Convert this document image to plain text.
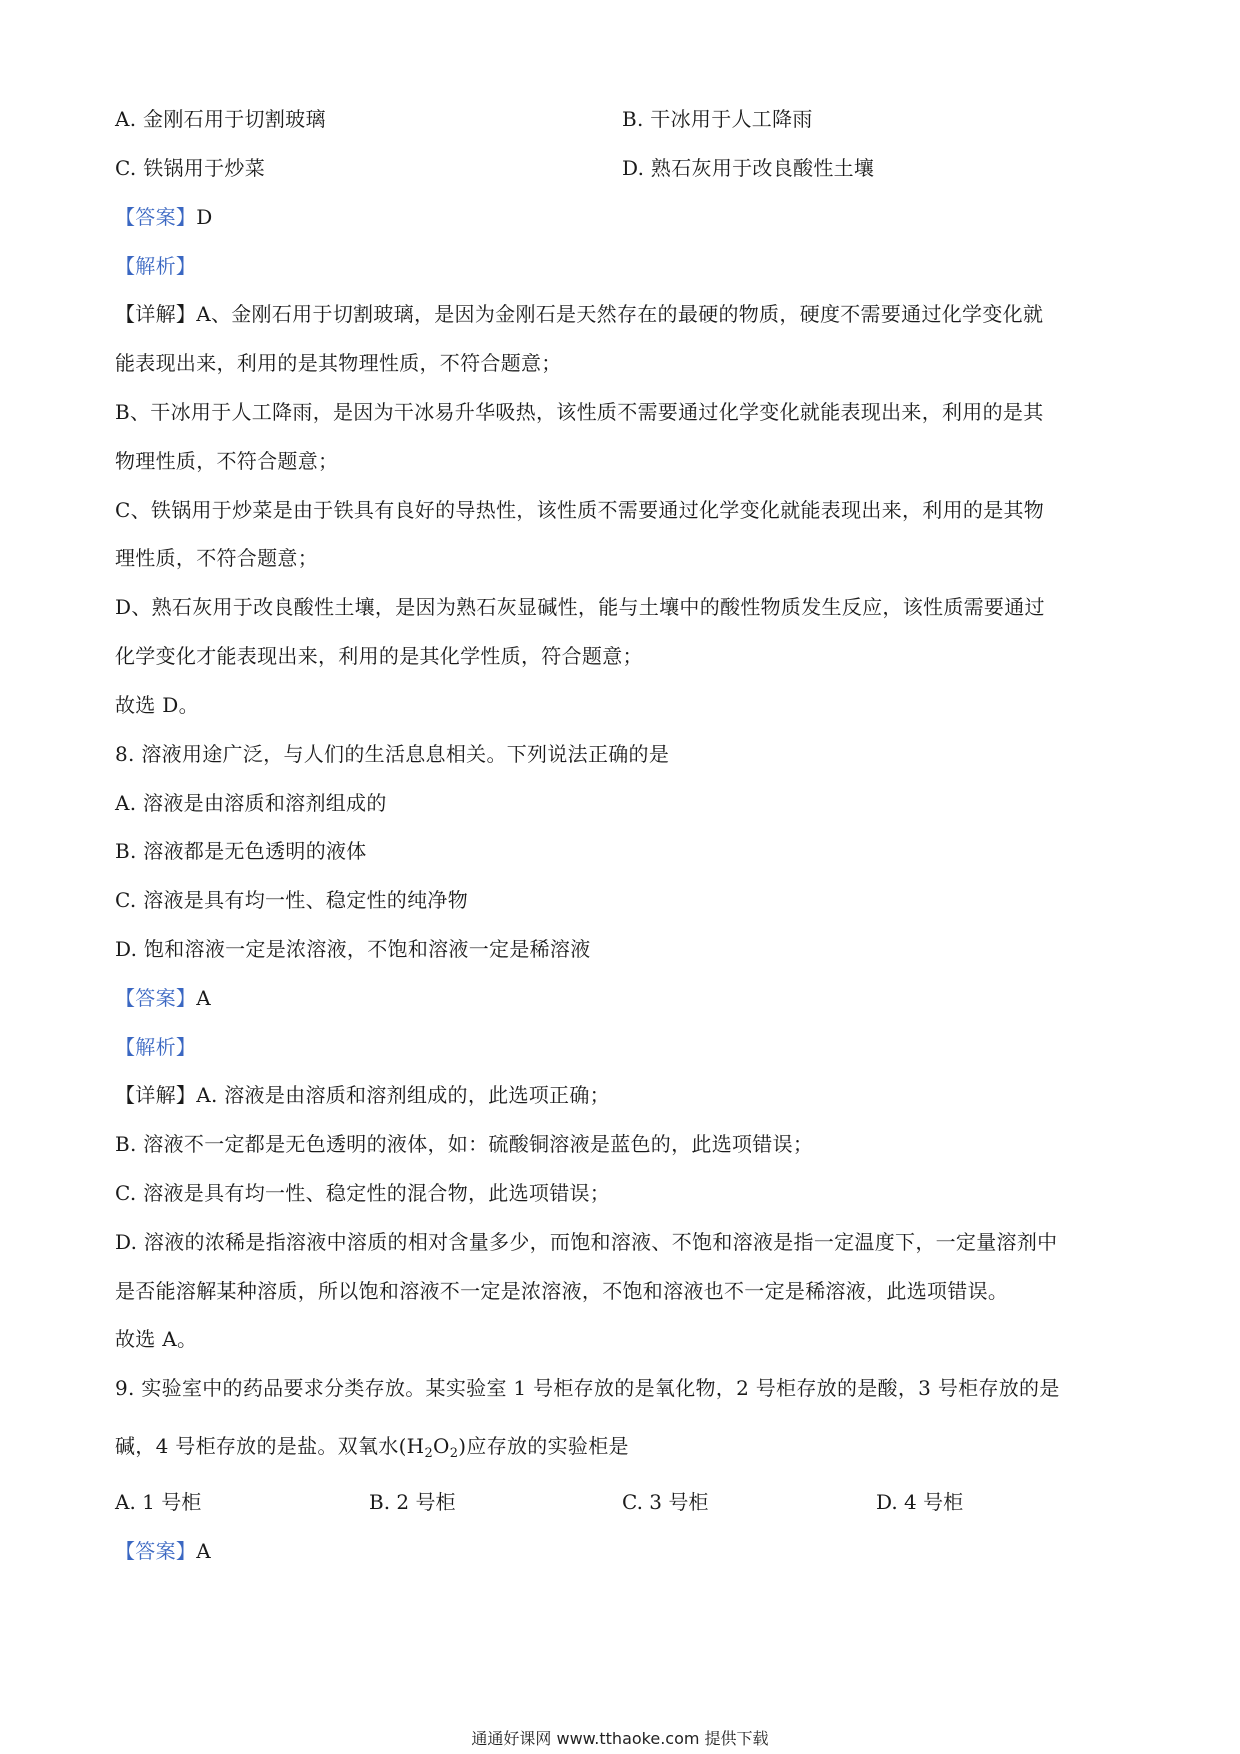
A. 金刚石用于切割玻璃	B. 干冰用于人工降雨
C. 铁锅用于炒菜	D. 熟石灰用于改良酸性土壤
【答案】D
【解析】
【详解】A、金刚石用于切割玻璃，是因为金刚石是天然存在的最硬的物质，硬度不需要通过化学变化就
能表现出来，利用的是其物理性质，不符合题意；
B、干冰用于人工降雨，是因为干冰易升华吸热，该性质不需要通过化学变化就能表现出来，利用的是其
物理性质，不符合题意；
C、铁锅用于炒菜是由于铁具有良好的导热性，该性质不需要通过化学变化就能表现出来，利用的是其物
理性质，不符合题意；
D、熟石灰用于改良酸性土壤，是因为熟石灰显碱性，能与土壤中的酸性物质发生反应，该性质需要通过
化学变化才能表现出来，利用的是其化学性质，符合题意；
故选 D。
8. 溶液用途广泛，与人们的生活息息相关。下列说法正确的是
A. 溶液是由溶质和溶剂组成的
B. 溶液都是无色透明的液体
C. 溶液是具有均一性、稳定性的纯净物
D. 饱和溶液一定是浓溶液，不饱和溶液一定是稀溶液
【答案】A
【解析】
【详解】A. 溶液是由溶质和溶剂组成的，此选项正确；
B. 溶液不一定都是无色透明的液体，如：硫酸铜溶液是蓝色的，此选项错误；
C. 溶液是具有均一性、稳定性的混合物，此选项错误；
D. 溶液的浓稀是指溶液中溶质的相对含量多少，而饱和溶液、不饱和溶液是指一定温度下，一定量溶剂中
是否能溶解某种溶质，所以饱和溶液不一定是浓溶液，不饱和溶液也不一定是稀溶液，此选项错误。
故选 A。
9. 实验室中的药品要求分类存放。某实验室 1 号柜存放的是氧化物，2 号柜存放的是酸，3 号柜存放的是
碱，4 号柜存放的是盐。双氧水$(H_2O_2)$应存放的实验柜是
A. 1 号柜	B. 2 号柜	C. 3 号柜	D. 4 号柜
【答案】A
通通好课网 www.tthaoke.com 提供下载
